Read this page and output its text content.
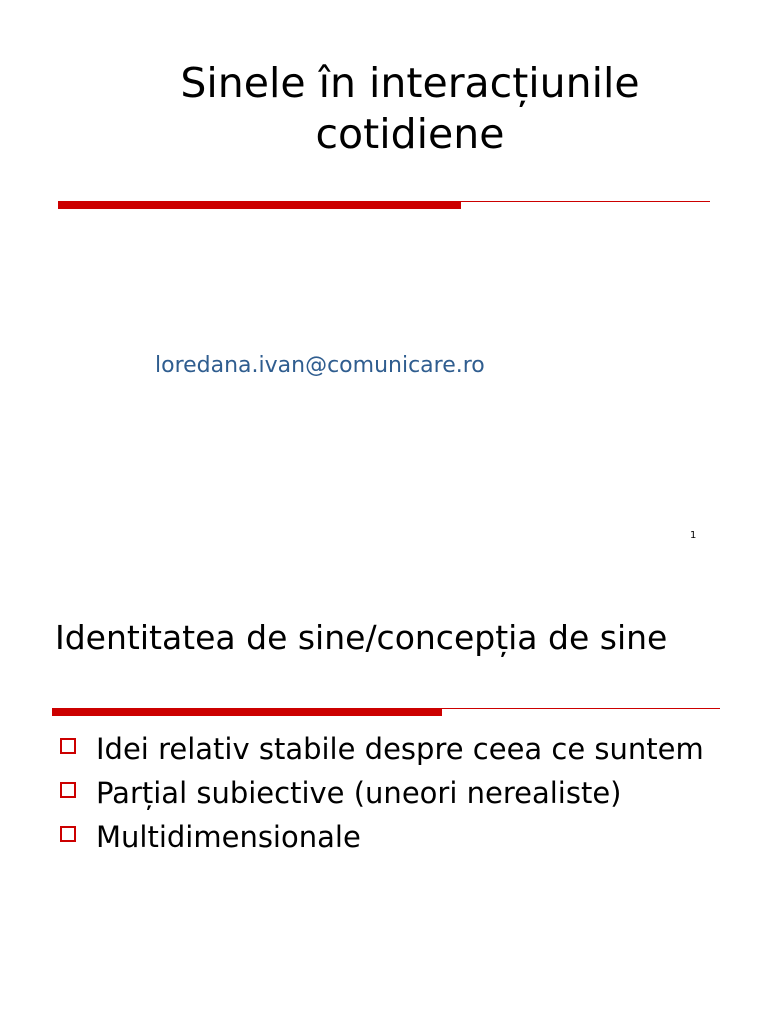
Sinele în interacțiunile
cotidiene
loredana.ivan@comunicare.ro
1
Identitatea de sine/concepția de sine
Idei relativ stabile despre ceea ce suntem
Parțial subiective (uneori nerealiste)
Multidimensionale
